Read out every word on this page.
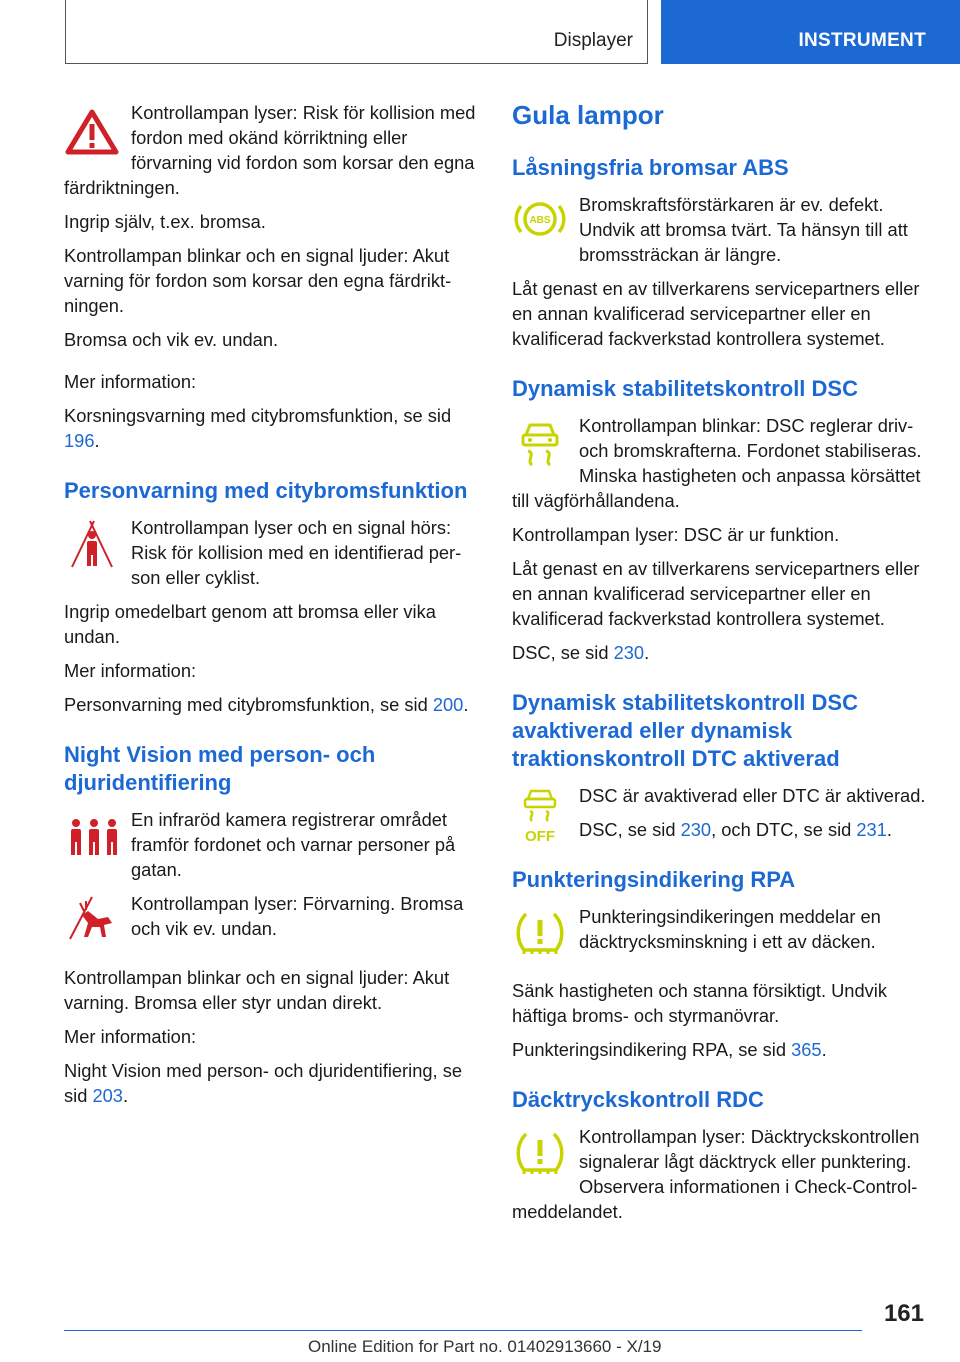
Displayer	INSTRUMENT

Kontrollampan lyser: Risk för kollision med fordon med okänd körriktning eller förvarning vid fordon som korsar den egna färdriktningen.

Ingrip själv, t.ex. bromsa.

Kontrollampan blinkar och en signal ljuder: Akut varning för fordon som korsar den egna färdriktningen.

Bromsa och vik ev. undan.

Mer information:

Korsningsvarning med citybromsfunktion, se sid 196.

Personvarning med citybromsfunktion

Kontrollampan lyser och en signal hörs: Risk för kollision med en identifierad person eller cyklist.

Ingrip omedelbart genom att bromsa eller vika undan.

Mer information:

Personvarning med citybromsfunktion, se sid 200.

Night Vision med person- och djuridentifiering

En infraröd kamera registrerar området framför fordonet och varnar personer på gatan.

Kontrollampan lyser: Förvarning. Bromsa och vik ev. undan.

Kontrollampan blinkar och en signal ljuder: Akut varning. Bromsa eller styr undan direkt.

Mer information:

Night Vision med person- och djuridentifiering, se sid 203.

Gula lampor
Låsningsfria bromsar ABS
ABS

Bromskraftsförstärkaren är ev. defekt. Undvik att bromsa tvärt. Ta hänsyn till att bromssträckan är längre.

Låt genast en av tillverkarens servicepartners eller en annan kvalificerad servicepartner eller en kvalificerad fackverkstad kontrollera systemet.

Dynamisk stabilitetskontroll DSC

Kontrollampan blinkar: DSC reglerar driv- och bromskrafterna. Fordonet stabiliseras. Minska hastigheten och anpassa körsättet till vägförhållandena.

Kontrollampan lyser: DSC är ur funktion.

Låt genast en av tillverkarens servicepartners eller en annan kvalificerad servicepartner eller en kvalificerad fackverkstad kontrollera systemet.

DSC, se sid 230.

Dynamisk stabilitetskontroll DSC avaktiverad eller dynamisk traktionskontroll DTC aktiverad
OFF

DSC är avaktiverad eller DTC är aktiverad.

DSC, se sid 230, och DTC, se sid 231.

Punkteringsindikering RPA

Punkteringsindikeringen meddelar en däcktrycksminskning i ett av däcken.

Sänk hastigheten och stanna försiktigt. Undvik häftiga broms- och styrmanövrar.

Punkteringsindikering RPA, se sid 365.

Däcktryckskontroll RDC

Kontrollampan lyser: Däcktryckskontrollen signalerar lågt däcktryck eller punktering. Observera informationen i Check-Control-meddelandet.

161
Online Edition for Part no. 01402913660 - X/19
